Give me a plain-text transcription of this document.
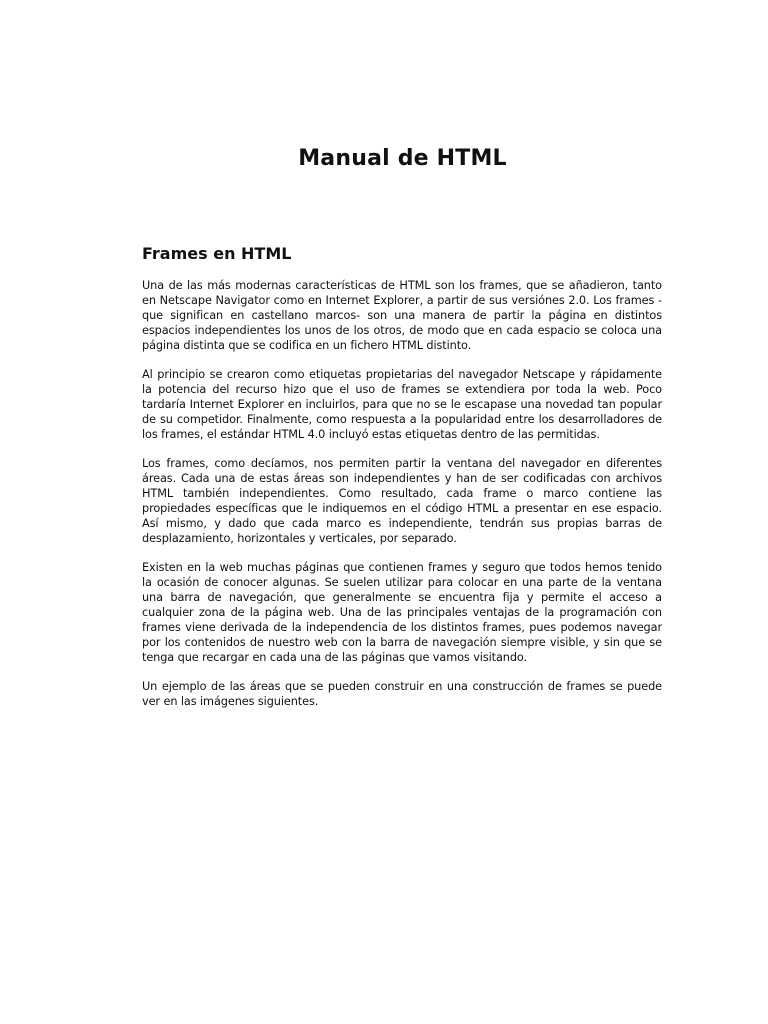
Manual de HTML
Frames en HTML

Una de las más modernas características de HTML son los frames, que se añadieron, tanto en Netscape Navigator como en Internet Explorer, a partir de sus versiónes 2.0. Los frames -que significan en castellano marcos- son una manera de partir la página en distintos espacios independientes los unos de los otros, de modo que en cada espacio se coloca una página distinta que se codifica en un fichero HTML distinto.

Al principio se crearon como etiquetas propietarias del navegador Netscape y rápidamente la potencia del recurso hizo que el uso de frames se extendiera por toda la web. Poco tardaría Internet Explorer en incluirlos, para que no se le escapase una novedad tan popular de su competidor. Finalmente, como respuesta a la popularidad entre los desarrolladores de los frames, el estándar HTML 4.0 incluyó estas etiquetas dentro de las permitidas.

Los frames, como decíamos, nos permiten partir la ventana del navegador en diferentes áreas. Cada una de estas áreas son independientes y han de ser codificadas con archivos HTML también independientes. Como resultado, cada frame o marco contiene las propiedades específicas que le indiquemos en el código HTML a presentar en ese espacio. Así mismo, y dado que cada marco es independiente, tendrán sus propias barras de desplazamiento, horizontales y verticales, por separado.

Existen en la web muchas páginas que contienen frames y seguro que todos hemos tenido la ocasión de conocer algunas. Se suelen utilizar para colocar en una parte de la ventana una barra de navegación, que generalmente se encuentra fija y permite el acceso a cualquier zona de la página web. Una de las principales ventajas de la programación con frames viene derivada de la independencia de los distintos frames, pues podemos navegar por los contenidos de nuestro web con la barra de navegación siempre visible, y sin que se tenga que recargar en cada una de las páginas que vamos visitando.

Un ejemplo de las áreas que se pueden construir en una construcción de frames se puede ver en las imágenes siguientes.
